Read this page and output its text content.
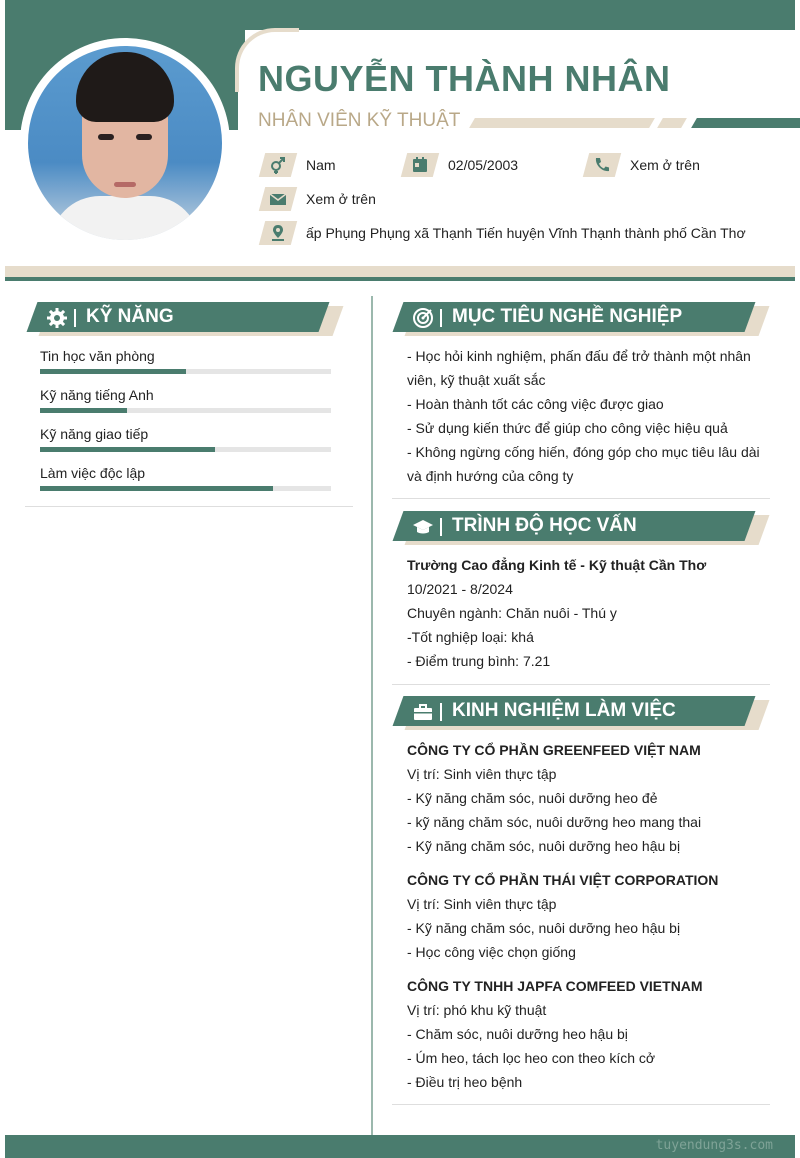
NGUYỄN THÀNH NHÂN
NHÂN VIÊN KỸ THUẬT
Nam	02/05/2003	Xem ở trên
Xem ở trên
ấp Phụng Phụng xã Thạnh Tiến huyện Vĩnh Thạnh thành phố Cần Thơ
KỸ NĂNG
Tin học văn phòng
Kỹ năng tiếng Anh
Kỹ năng giao tiếp
Làm việc độc lập
MỤC TIÊU NGHỀ NGHIỆP
- Học hỏi kinh nghiệm, phấn đấu để trở thành một nhân
viên, kỹ thuật xuất sắc
- Hoàn thành tốt các công việc được giao
- Sử dụng kiến thức để giúp cho công việc hiệu quả
- Không ngừng cống hiến, đóng góp cho mục tiêu lâu dài
và định hướng của công ty
TRÌNH ĐỘ HỌC VẤN
Trường Cao đẳng Kinh tế - Kỹ thuật Cần Thơ
10/2021 - 8/2024
Chuyên ngành: Chăn nuôi - Thú y
-Tốt nghiệp loại: khá
- Điểm trung bình: 7.21
KINH NGHIỆM LÀM VIỆC
CÔNG TY CỔ PHẦN GREENFEED VIỆT NAM
Vị trí: Sinh viên thực tập
- Kỹ năng chăm sóc, nuôi dưỡng heo đẻ
- kỹ năng chăm sóc, nuôi dưỡng heo mang thai
- Kỹ năng chăm sóc, nuôi dưỡng heo hậu bị
CÔNG TY CỔ PHẦN THÁI VIỆT CORPORATION
Vị trí: Sinh viên thực tập
- Kỹ năng chăm sóc, nuôi dưỡng heo hậu bị
- Học công việc chọn giống
CÔNG TY TNHH JAPFA COMFEED VIETNAM
Vị trí: phó khu kỹ thuật
- Chăm sóc, nuôi dưỡng heo hậu bị
- Úm heo, tách lọc heo con theo kích cở
- Điều trị heo bệnh
tuyendung3s.com
